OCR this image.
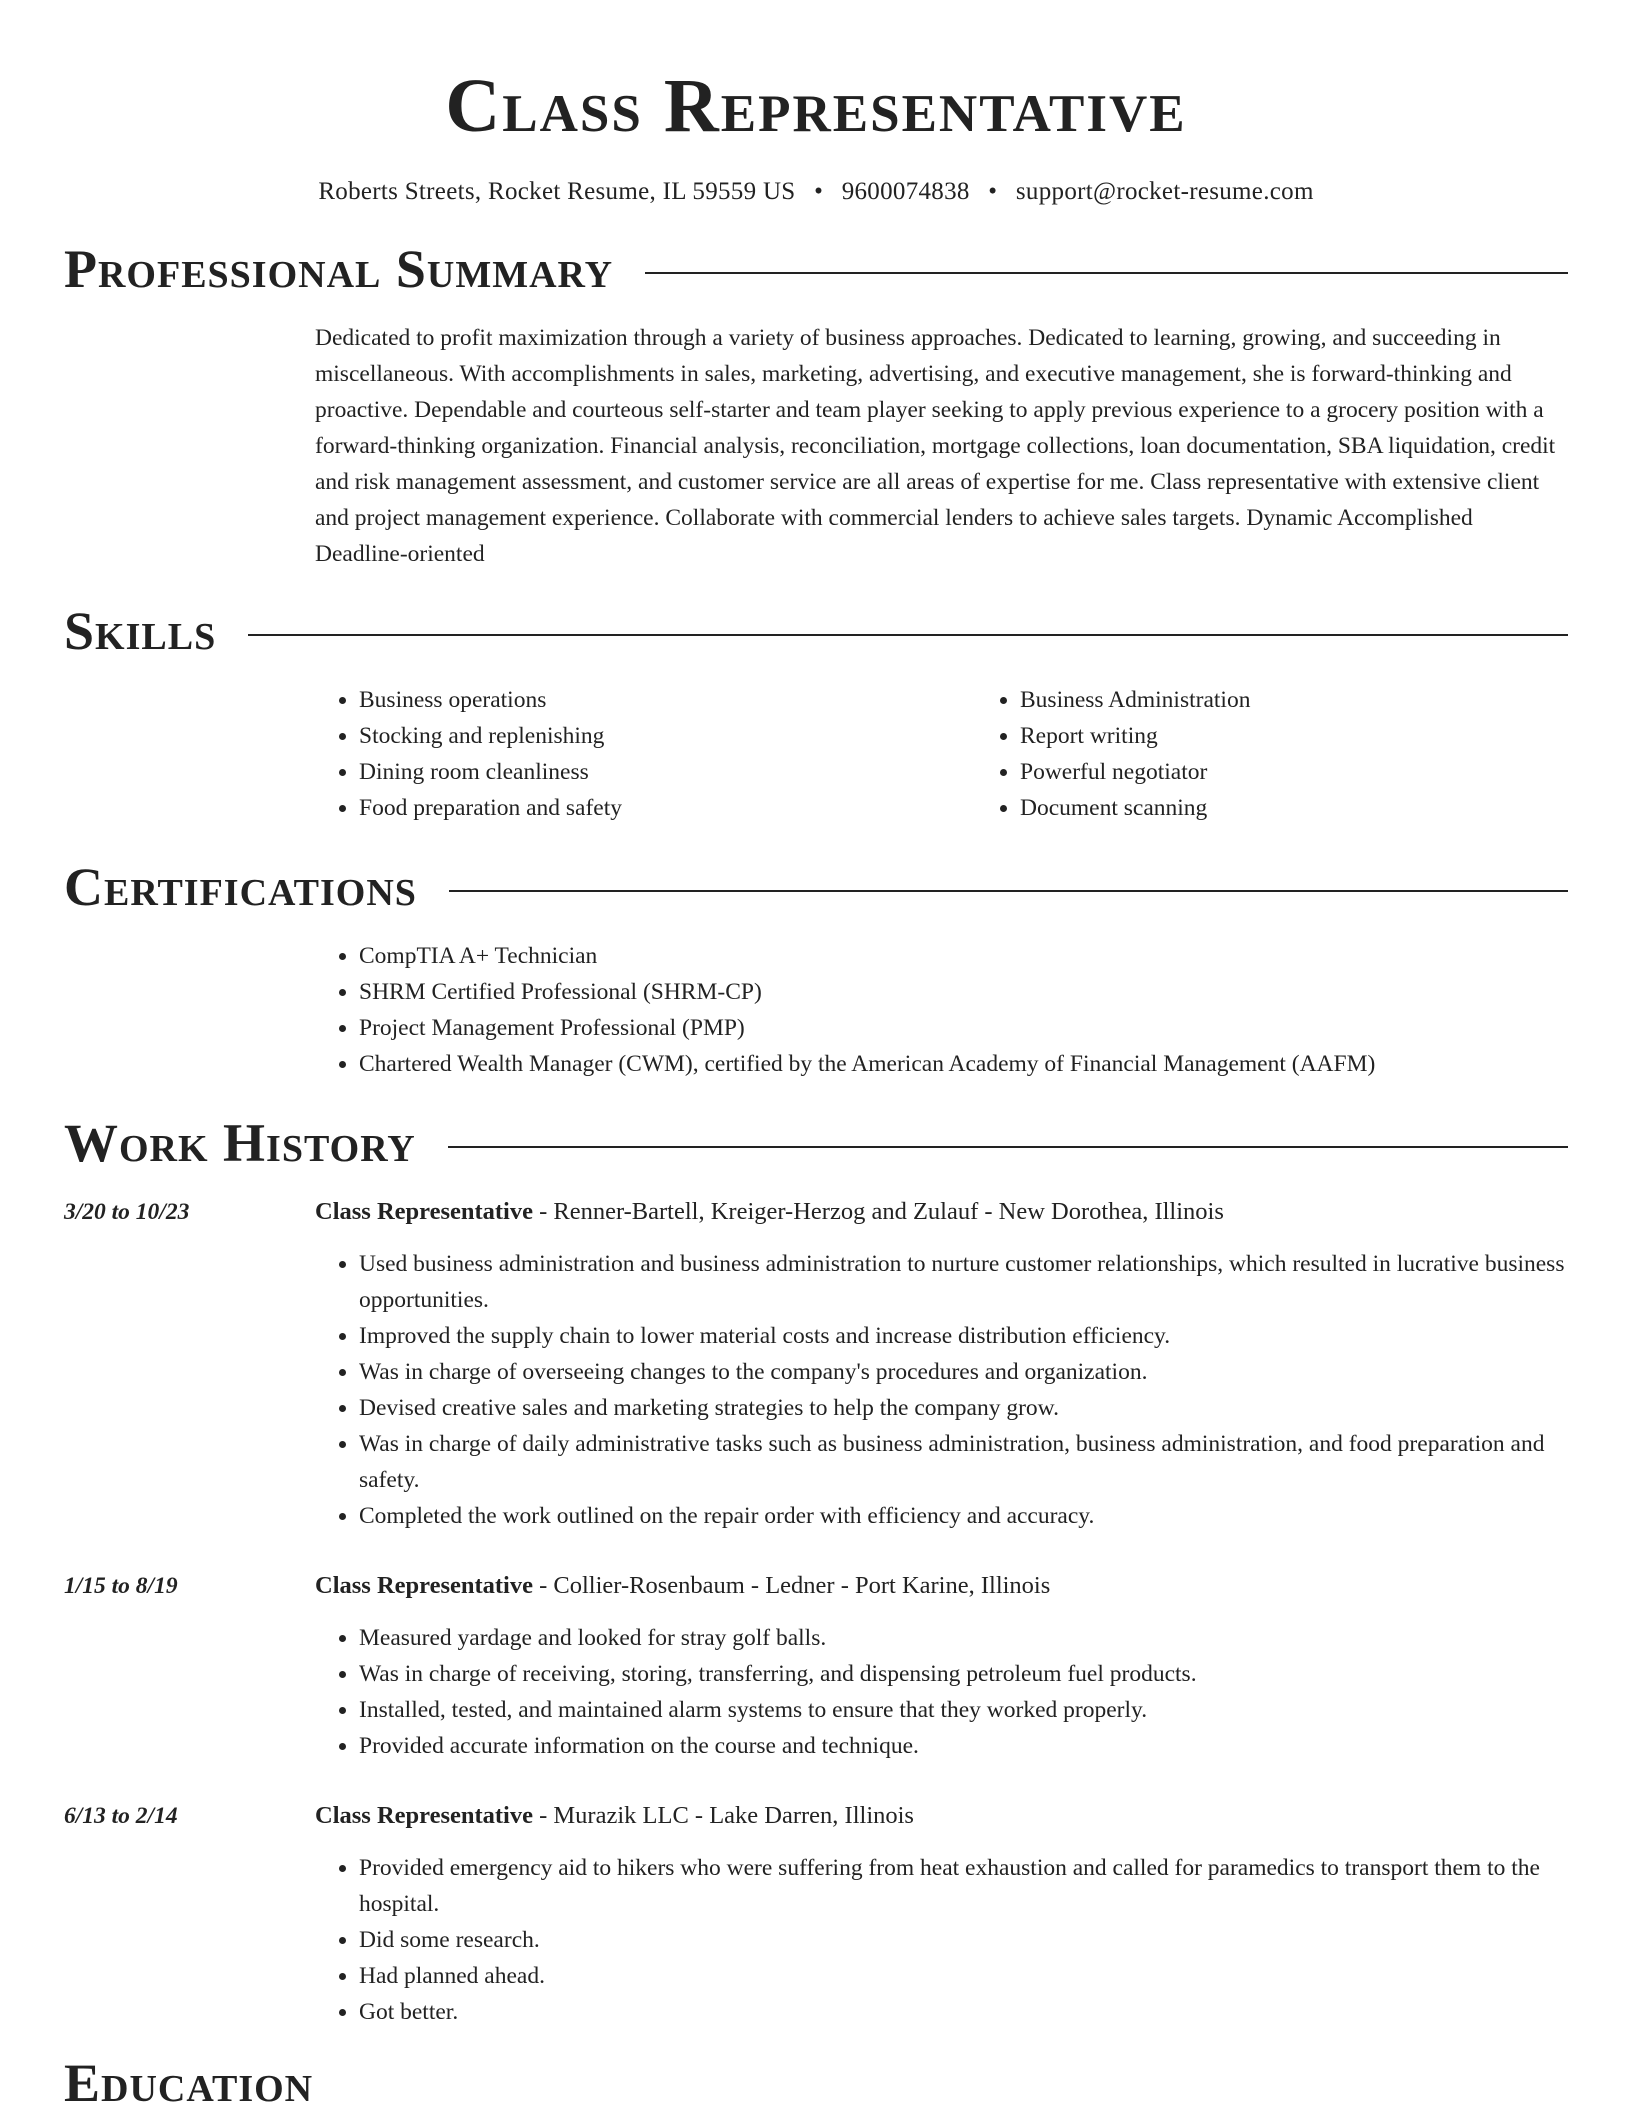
Class Representative
Roberts Streets, Rocket Resume, IL 59559 US • 9600074838 • support@rocket-resume.com
Professional Summary

Dedicated to profit maximization through a variety of business approaches. Dedicated to learning, growing, and succeeding in miscellaneous. With accomplishments in sales, marketing, advertising, and executive management, she is forward-thinking and proactive. Dependable and courteous self-starter and team player seeking to apply previous experience to a grocery position with a forward-thinking organization. Financial analysis, reconciliation, mortgage collections, loan documentation, SBA liquidation, credit and risk management assessment, and customer service are all areas of expertise for me. Class representative with extensive client and project management experience. Collaborate with commercial lenders to achieve sales targets. Dynamic Accomplished Deadline-oriented

Skills
• Business operations
• Stocking and replenishing
• Dining room cleanliness
• Food preparation and safety
• Business Administration
• Report writing
• Powerful negotiator
• Document scanning
Certifications
• CompTIA A+ Technician
• SHRM Certified Professional (SHRM-CP)
• Project Management Professional (PMP)
• Chartered Wealth Manager (CWM), certified by the American Academy of Financial Management (AAFM)
Work History
3/20 to 10/23	Class Representative - Renner-Bartell, Kreiger-Herzog and Zulauf - New Dorothea, Illinois
• Used business administration and business administration to nurture customer relationships, which resulted in lucrative business opportunities.
• Improved the supply chain to lower material costs and increase distribution efficiency.
• Was in charge of overseeing changes to the company's procedures and organization.
• Devised creative sales and marketing strategies to help the company grow.
• Was in charge of daily administrative tasks such as business administration, business administration, and food preparation and safety.
• Completed the work outlined on the repair order with efficiency and accuracy.
1/15 to 8/19	Class Representative - Collier-Rosenbaum - Ledner - Port Karine, Illinois
• Measured yardage and looked for stray golf balls.
• Was in charge of receiving, storing, transferring, and dispensing petroleum fuel products.
• Installed, tested, and maintained alarm systems to ensure that they worked properly.
• Provided accurate information on the course and technique.
6/13 to 2/14	Class Representative - Murazik LLC - Lake Darren, Illinois
• Provided emergency aid to hikers who were suffering from heat exhaustion and called for paramedics to transport them to the hospital.
• Did some research.
• Had planned ahead.
• Got better.
Education
